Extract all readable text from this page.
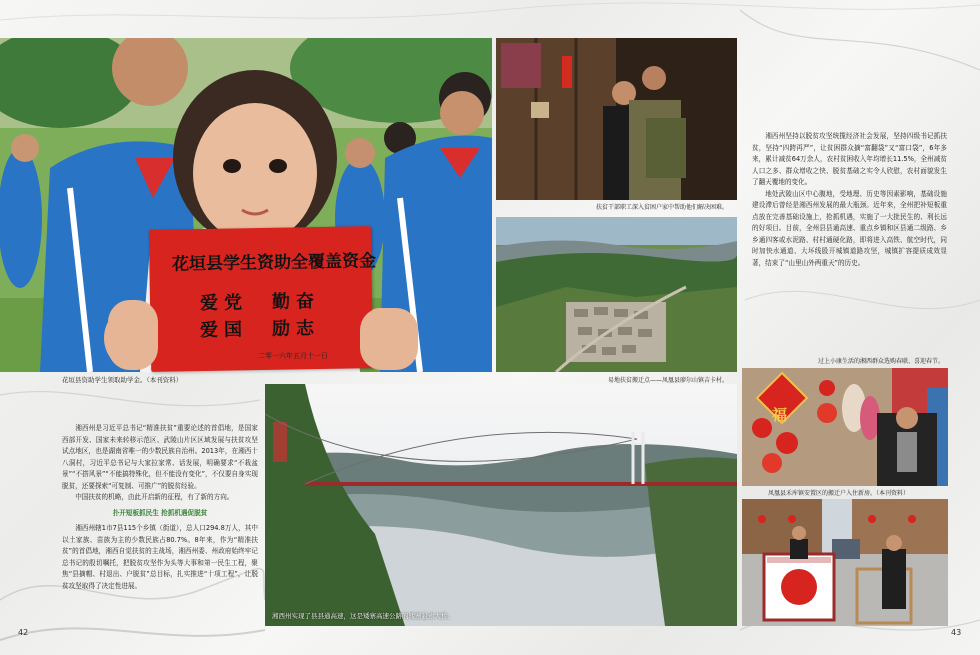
花垣县学生资助全覆盖资金
爱党　勤奋
爱国　励志
二零一六年五月十一日
花垣县资助学生领取助学金。（本刊资料）
扶贫干部职工深入贫困户家中帮助他们解决困难。
易地扶贫搬迁点——凤凰县廖尔山镇吉卡村。

湘西州坚持以脱贫攻坚统揽经济社会发展，坚持四级书记抓扶贫，坚持“四跨再严”，让贫困群众摘“富翻袋”又“富口袋”，6年多来，累计减贫64万余人，农村贫困收入年均增长11.5%，全州减贫人口之多、群众增收之快、脱贫基础之实令人欣慰，农村面貌发生了翻天覆地的变化。

地处武陵山区中心腹地，受地理、历史等因素影响，基础设施建设滞后曾经是湘西州发展的最大瓶颈。近年来，全州把补短板重点放在完善基础设施上，抢抓机遇，实施了一大批民生的、利长远的好项目。目前，全州县县通高速、重点乡镇和区县通二级路、乡乡通四客或水泥路、村村通硬化路，即将进入高铁、航空时代，同时加快水通道、大坏线股开城镇道路攻坚，城镇扩容提质成效显著，结束了“山里山外两重天”的历史。

湘西州是习近平总书记“精准扶贫”重要论述的首倡地，是国家西部开发、国家未来转移示范区、武陵山片区区域发展与扶贫攻坚试点地区，也是湖南省唯一的少数民族自治州。2013年，在湘西十八洞村，习近平总书记与大家拉家常、话发展，明确要求“不栽盆景”“不搭风景”“不能搞特殊化，但不能没有变化”，不仅要自身实现脱贫，还要探索“可复制、可推广”的脱贫经验。

中国扶贫的机略，由此开启新的征程，有了新的方向。

扑开短板抓民生 抢抓机遇促脱贫

湘西州辖1市7县115个乡镇（街道），总人口294.8万人，其中以土家族、苗族为主的少数民族占80.7%。8年来，作为“精准扶贫”的首倡地，湘西自觉扶贫的主战场，湘西州委、州政府始终牢记总书记的殷切嘱托，把脱贫攻坚作为头等大事和第一民生工程，聚焦“县摘帽、村退出、户脱贫”总目标，扎实推进“十项工程”，让脱贫攻坚取得了决定性进展。

湘西州实现了县县通高速，这是矮寨高速公路的矮寨悬索大桥。
过上小康生活的湘西群众选购春联、喜迎春节。
福
凤凰县禾库镇安置区的搬迁户入住新房。（本刊资料）
42	43
